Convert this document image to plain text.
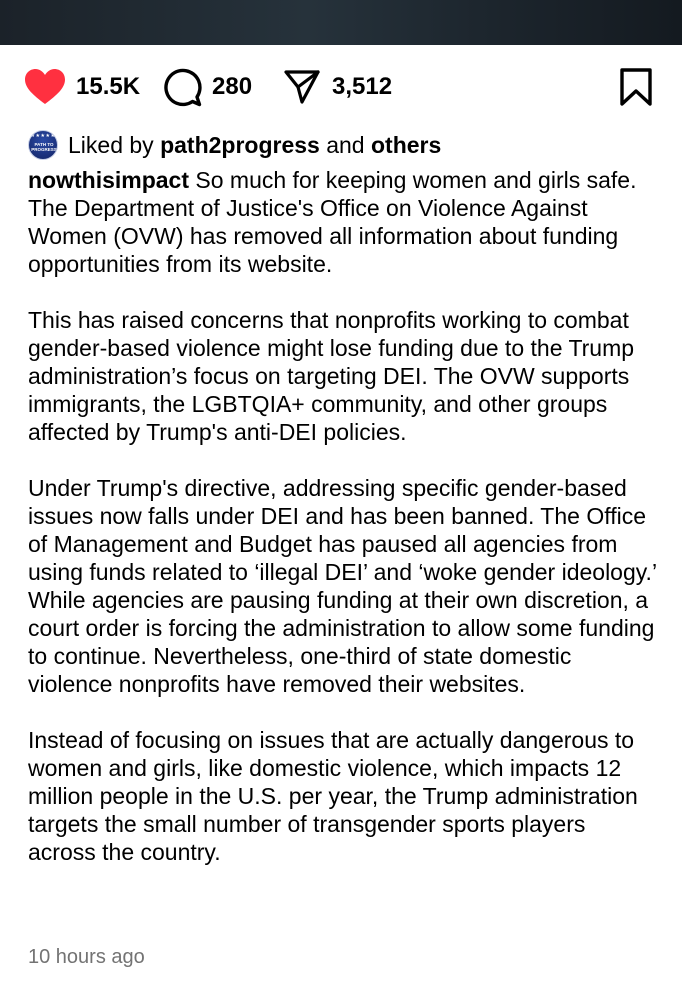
15.5K	280	3,512
★★★★★
PATH TO PROGRESS Liked by
path2progress
and
others

nowthisimpact So much for keeping women and girls safe. The Department of Justice's Office on Violence Against Women (OVW) has removed all information about funding opportunities from its website.

This has raised concerns that nonprofits working to combat gender-based violence might lose funding due to the Trump administration’s focus on targeting DEI. The OVW supports immigrants, the LGBTQIA+ community, and other groups affected by Trump's anti-DEI policies.

Under Trump's directive, addressing specific gender-based issues now falls under DEI and has been banned. The Office of Management and Budget has paused all agencies from using funds related to ‘illegal DEI’ and ‘woke gender ideology.’ While agencies are pausing funding at their own discretion, a court order is forcing the administration to allow some funding to continue. Nevertheless, one-third of state domestic violence nonprofits have removed their websites.

Instead of focusing on issues that are actually dangerous to women and girls, like domestic violence, which impacts 12 million people in the U.S. per year, the Trump administration targets the small number of transgender sports players across the country.

10 hours ago
